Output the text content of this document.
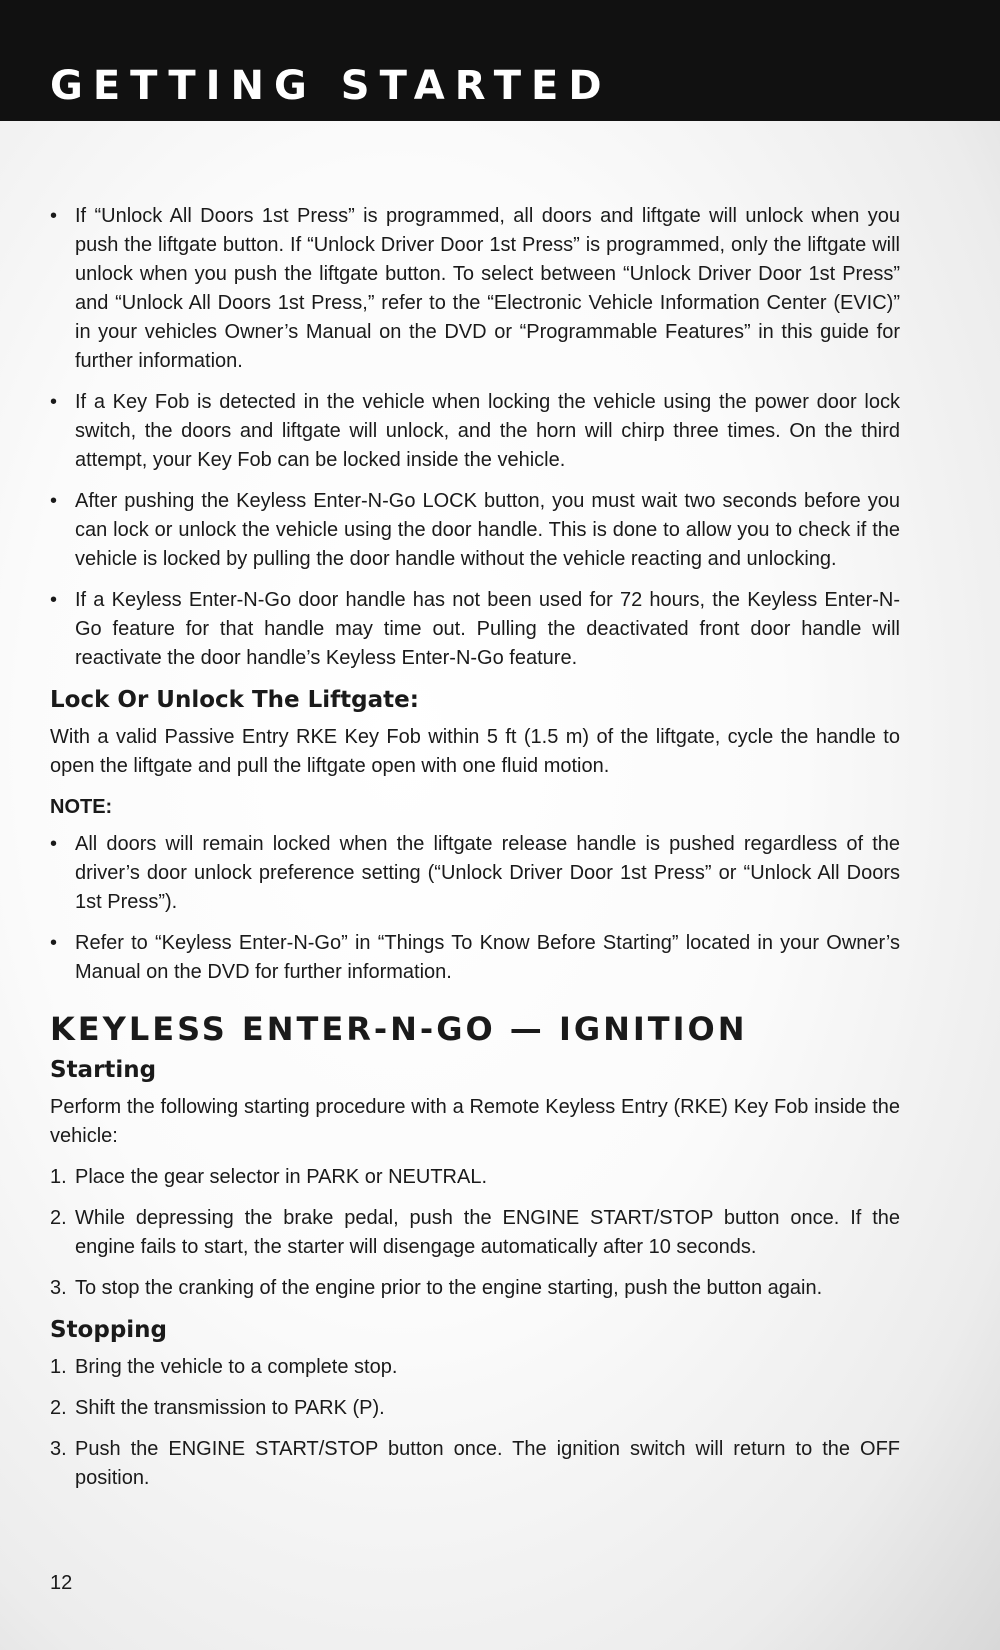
GETTING STARTED
• If “Unlock All Doors 1st Press” is programmed, all doors and liftgate will unlock when you push the liftgate button. If “Unlock Driver Door 1st Press” is programmed, only the liftgate will unlock when you push the liftgate button. To select between “Unlock Driver Door 1st Press” and “Unlock All Doors 1st Press,” refer to the “Electronic Vehicle Information Center (EVIC)” in your vehicles Owner’s Manual on the DVD or “Programmable Features” in this guide for further information.
• If a Key Fob is detected in the vehicle when locking the vehicle using the power door lock switch, the doors and liftgate will unlock, and the horn will chirp three times. On the third attempt, your Key Fob can be locked inside the vehicle.
• After pushing the Keyless Enter-N-Go LOCK button, you must wait two seconds before you can lock or unlock the vehicle using the door handle. This is done to allow you to check if the vehicle is locked by pulling the door handle without the vehicle reacting and unlocking.
• If a Keyless Enter-N-Go door handle has not been used for 72 hours, the Keyless Enter-N-Go feature for that handle may time out. Pulling the deactivated front door handle will reactivate the door handle’s Keyless Enter-N-Go feature.
Lock Or Unlock The Liftgate:

With a valid Passive Entry RKE Key Fob within 5 ft (1.5 m) of the liftgate, cycle the handle to open the liftgate and pull the liftgate open with one fluid motion.

NOTE:

• All doors will remain locked when the liftgate release handle is pushed regardless of the driver’s door unlock preference setting (“Unlock Driver Door 1st Press” or “Unlock All Doors 1st Press”).
• Refer to “Keyless Enter-N-Go” in “Things To Know Before Starting” located in your Owner’s Manual on the DVD for further information.
KEYLESS ENTER-N-GO — IGNITION
Starting

Perform the following starting procedure with a Remote Keyless Entry (RKE) Key Fob inside the vehicle:

1. Place the gear selector in PARK or NEUTRAL.
2. While depressing the brake pedal, push the ENGINE START/STOP button once. If the engine fails to start, the starter will disengage automatically after 10 seconds.
3. To stop the cranking of the engine prior to the engine starting, push the button again.
Stopping
1. Bring the vehicle to a complete stop.
2. Shift the transmission to PARK (P).
3. Push the ENGINE START/STOP button once. The ignition switch will return to the OFF position.
12
